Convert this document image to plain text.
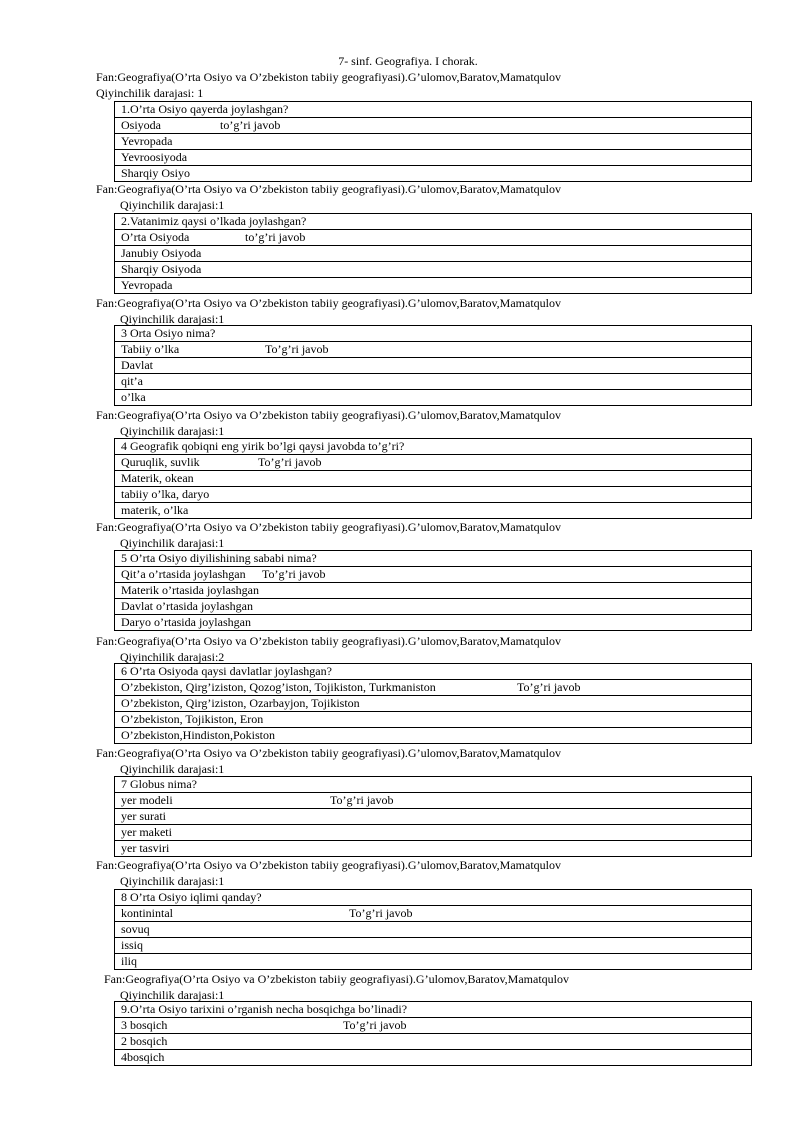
7- sinf. Geografiya. I chorak.
Fan:Geografiya(O’rta Osiyo va O’zbekiston tabiiy geografiyasi).G’ulomov,Baratov,Mamatqulov
Qiyinchilik darajasi: 1
1.O’rta Osiyo qayerda joylashgan?
Osiyoda	to’g’ri javob
Yevropada
Yevroosiyoda
Sharqiy Osiyo
Fan:Geografiya(O’rta Osiyo va O’zbekiston tabiiy geografiyasi).G’ulomov,Baratov,Mamatqulov
Qiyinchilik darajasi:1
2.Vatanimiz qaysi o’lkada joylashgan?
O’rta Osiyoda	to’g’ri javob
Janubiy Osiyoda
Sharqiy Osiyoda
Yevropada
Fan:Geografiya(O’rta Osiyo va O’zbekiston tabiiy geografiyasi).G’ulomov,Baratov,Mamatqulov
Qiyinchilik darajasi:1
3 Orta Osiyo nima?
Tabiiy o’lka	To’g’ri javob
Davlat
qit’a
o’lka
Fan:Geografiya(O’rta Osiyo va O’zbekiston tabiiy geografiyasi).G’ulomov,Baratov,Mamatqulov
Qiyinchilik darajasi:1
4 Geografik qobiqni eng yirik bo’lgi qaysi javobda to’g’ri?
Quruqlik, suvlik	To’g’ri javob
Materik, okean
tabiiy o’lka, daryo
materik, o’lka
Fan:Geografiya(O’rta Osiyo va O’zbekiston tabiiy geografiyasi).G’ulomov,Baratov,Mamatqulov
Qiyinchilik darajasi:1
5 O’rta Osiyo diyilishining sababi nima?
Qit’a o’rtasida joylashgan To’g’ri javob
Materik o’rtasida joylashgan
Davlat o’rtasida joylashgan
Daryo o’rtasida joylashgan
Fan:Geografiya(O’rta Osiyo va O’zbekiston tabiiy geografiyasi).G’ulomov,Baratov,Mamatqulov
Qiyinchilik darajasi:2
6 O’rta Osiyoda qaysi davlatlar joylashgan?
O’zbekiston, Qirg’iziston, Qozog’iston, Tojikiston, Turkmaniston	To’g’ri javob
O’zbekiston, Qirg’iziston, Ozarbayjon, Tojikiston
O’zbekiston, Tojikiston, Eron
O’zbekiston,Hindiston,Pokiston
Fan:Geografiya(O’rta Osiyo va O’zbekiston tabiiy geografiyasi).G’ulomov,Baratov,Mamatqulov
Qiyinchilik darajasi:1
7 Globus nima?
yer modeli	To’g’ri javob
yer surati
yer maketi
yer tasviri
Fan:Geografiya(O’rta Osiyo va O’zbekiston tabiiy geografiyasi).G’ulomov,Baratov,Mamatqulov
Qiyinchilik darajasi:1
8 O’rta Osiyo iqlimi qanday?
kontinintal	To’g’ri javob
sovuq
issiq
iliq
Fan:Geografiya(O’rta Osiyo va O’zbekiston tabiiy geografiyasi).G’ulomov,Baratov,Mamatqulov
Qiyinchilik darajasi:1
9.O’rta Osiyo tarixini o’rganish necha bosqichga bo’linadi?
3 bosqich	To’g’ri javob
2 bosqich
4bosqich
